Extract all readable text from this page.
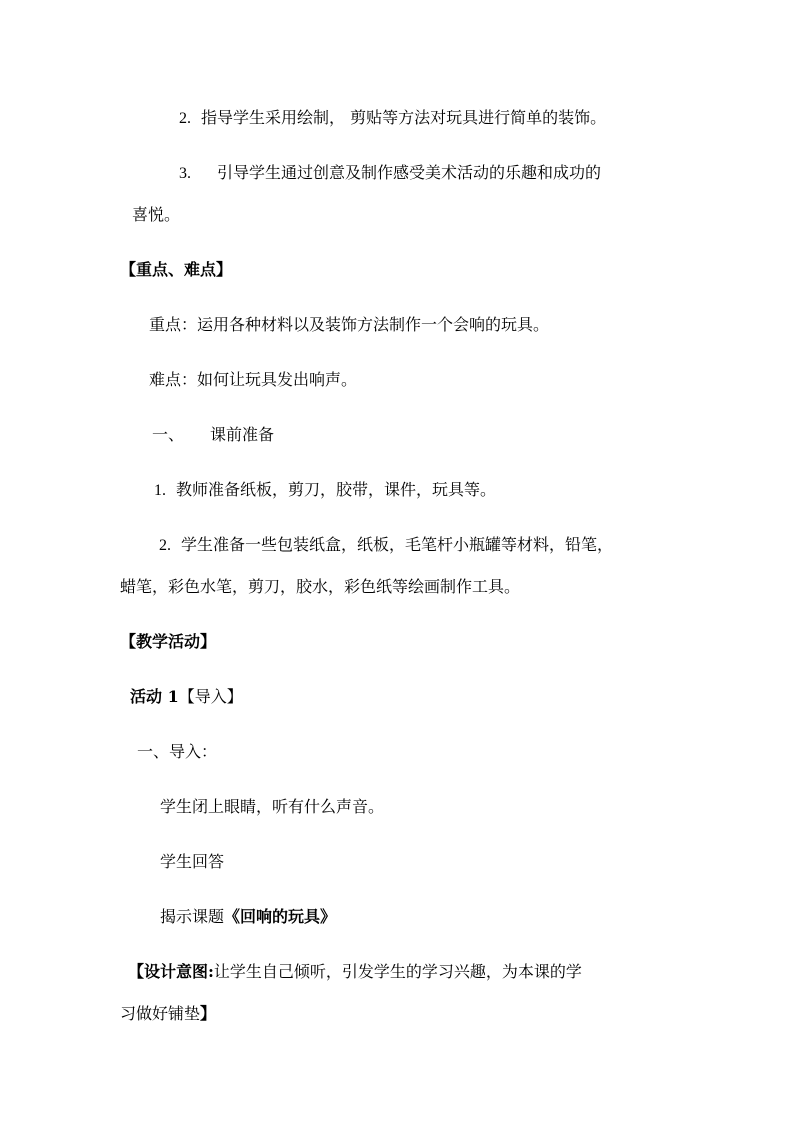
2. 指导学生采用绘制， 剪贴等方法对玩具进行简单的装饰。

3. 引导学生通过创意及制作感受美术活动的乐趣和成功的

喜悦。

【重点、难点】

重点：运用各种材料以及装饰方法制作一个会响的玩具。

难点：如何让玩具发出响声。

一、 课前准备

1. 教师准备纸板，剪刀，胶带，课件，玩具等。

2. 学生准备一些包装纸盒，纸板，毛笔杆小瓶罐等材料，铅笔，

蜡笔，彩色水笔，剪刀，胶水，彩色纸等绘画制作工具。

【教学活动】

活动 1【导入】

一、导入：

学生闭上眼睛，听有什么声音。

学生回答

揭示课题《回响的玩具》

【设计意图:让学生自己倾听，引发学生的学习兴趣，为本课的学

习做好铺垫】
